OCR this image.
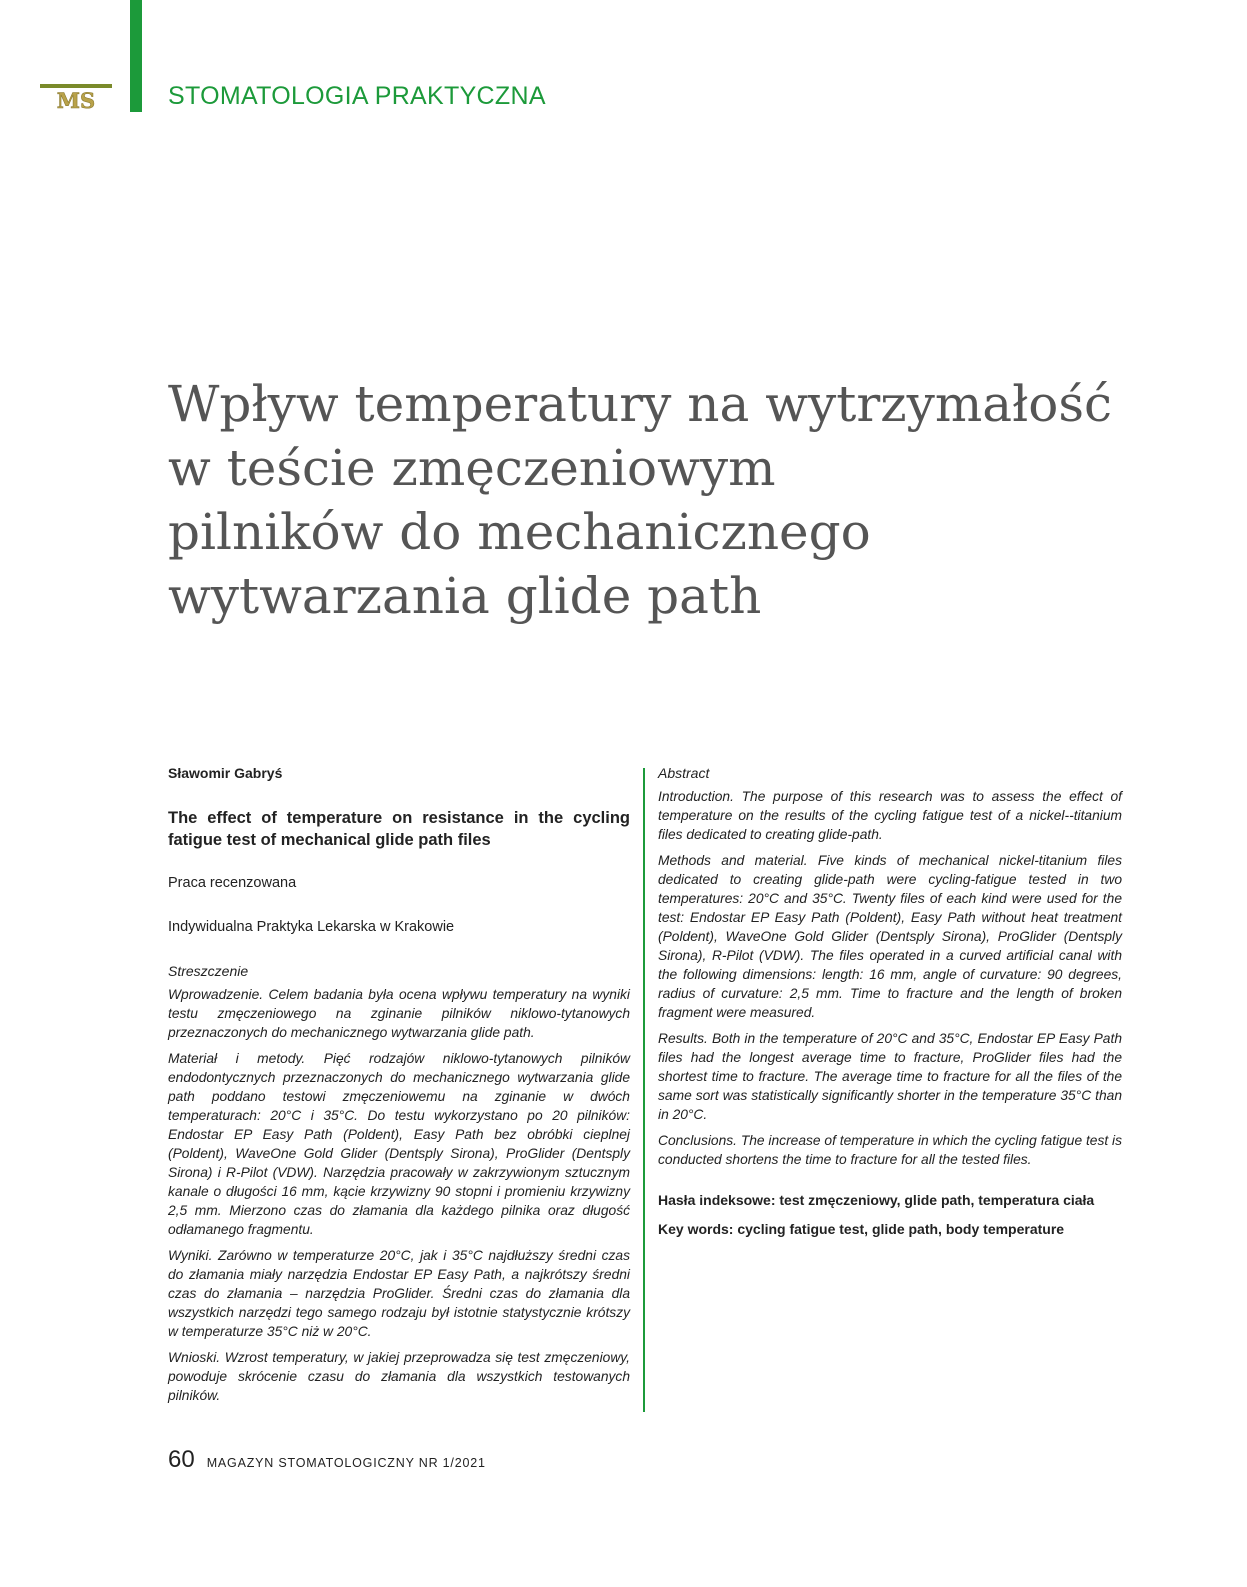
MS	STOMATOLOGIA PRAKTYCZNA
Wpływ temperatury na wytrzymałość
w teście zmęczeniowym
pilników do mechanicznego
wytwarzania glide path

Sławomir Gabryś

The effect of temperature on resistance in the cycling fatigue test of mechanical glide path files

Praca recenzowana

Indywidualna Praktyka Lekarska w Krakowie

Streszczenie

Wprowadzenie. Celem badania była ocena wpływu temperatury na wyniki testu zmęczeniowego na zginanie pilników niklowo-tytanowych przeznaczonych do mechanicznego wytwarzania glide path.

Materiał i metody. Pięć rodzajów niklowo-tytanowych pilników endodontycznych przeznaczonych do mechanicznego wytwarzania glide path poddano testowi zmęczeniowemu na zginanie w dwóch temperaturach: 20°C i 35°C. Do testu wykorzystano po 20 pilników: Endostar EP Easy Path (Poldent), Easy Path bez obróbki cieplnej (Poldent), WaveOne Gold Glider (Dentsply Sirona), ProGlider (Dentsply Sirona) i R-Pilot (VDW). Narzędzia pracowały w zakrzywionym sztucznym kanale o długości 16 mm, kącie krzywizny 90 stopni i promieniu krzywizny 2,5 mm. Mierzono czas do złamania dla każdego pilnika oraz długość odłamanego fragmentu.

Wyniki. Zarówno w temperaturze 20°C, jak i 35°C najdłuższy średni czas do złamania miały narzędzia Endostar EP Easy Path, a najkrótszy średni czas do złamania – narzędzia ProGlider. Średni czas do złamania dla wszystkich narzędzi tego samego rodzaju był istotnie statystycznie krótszy w temperaturze 35°C niż w 20°C.

Wnioski. Wzrost temperatury, w jakiej przeprowadza się test zmęczeniowy, powoduje skrócenie czasu do złamania dla wszystkich testowanych pilników.

Abstract

Introduction. The purpose of this research was to assess the effect of temperature on the results of the cycling fatigue test of a nickel--titanium files dedicated to creating glide-path.

Methods and material. Five kinds of mechanical nickel-titanium files dedicated to creating glide-path were cycling-fatigue tested in two temperatures: 20°C and 35°C. Twenty files of each kind were used for the test: Endostar EP Easy Path (Poldent), Easy Path without heat treatment (Poldent), WaveOne Gold Glider (Dentsply Sirona), ProGlider (Dentsply Sirona), R-Pilot (VDW). The files operated in a curved artificial canal with the following dimensions: length: 16 mm, angle of curvature: 90 degrees, radius of curvature: 2,5 mm. Time to fracture and the length of broken fragment were measured.

Results. Both in the temperature of 20°C and 35°C, Endostar EP Easy Path files had the longest average time to fracture, ProGlider files had the shortest time to fracture. The average time to fracture for all the files of the same sort was statistically significantly shorter in the temperature 35°C than in 20°C.

Conclusions. The increase of temperature in which the cycling fatigue test is conducted shortens the time to fracture for all the tested files.

Hasła indeksowe: test zmęczeniowy, glide path, temperatura ciała

Key words: cycling fatigue test, glide path, body temperature

60 MAGAZYN STOMATOLOGICZNY NR 1/2021
